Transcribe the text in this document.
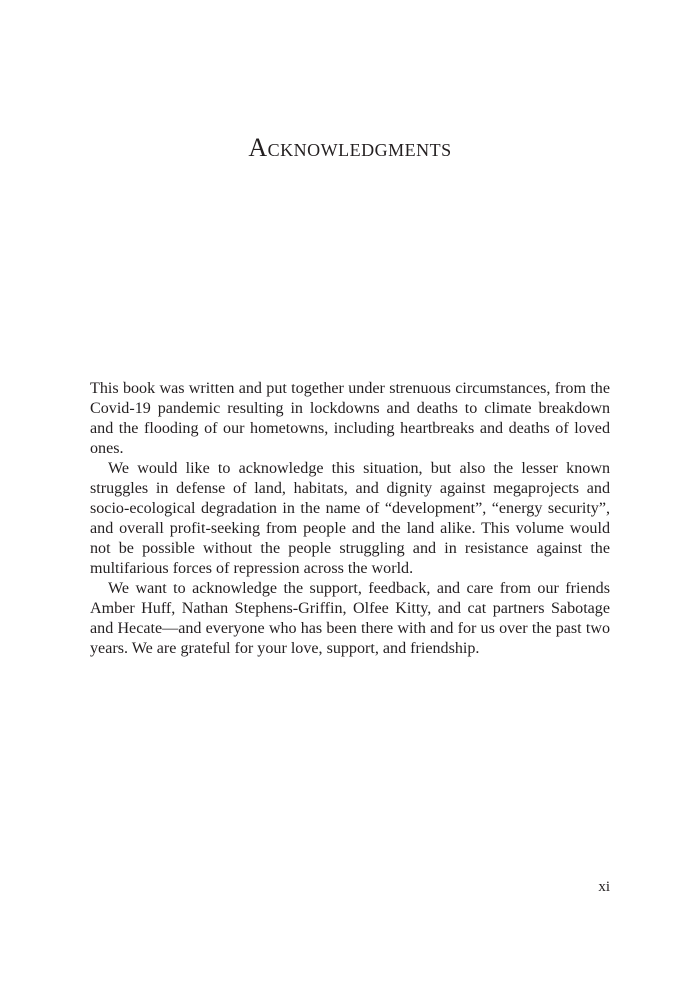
Acknowledgments

This book was written and put together under strenuous circumstances, from the Covid-19 pandemic resulting in lockdowns and deaths to climate breakdown and the flooding of our hometowns, including heartbreaks and deaths of loved ones.

We would like to acknowledge this situation, but also the lesser known struggles in defense of land, habitats, and dignity against megaprojects and socio-ecological degradation in the name of “development”, “energy security”, and overall profit-seeking from people and the land alike. This volume would not be possible without the people struggling and in resistance against the multifarious forces of repression across the world.

We want to acknowledge the support, feedback, and care from our friends Amber Huff, Nathan Stephens-Griffin, Olfee Kitty, and cat partners Sabotage and Hecate—and everyone who has been there with and for us over the past two years. We are grateful for your love, support, and friendship.

xi
